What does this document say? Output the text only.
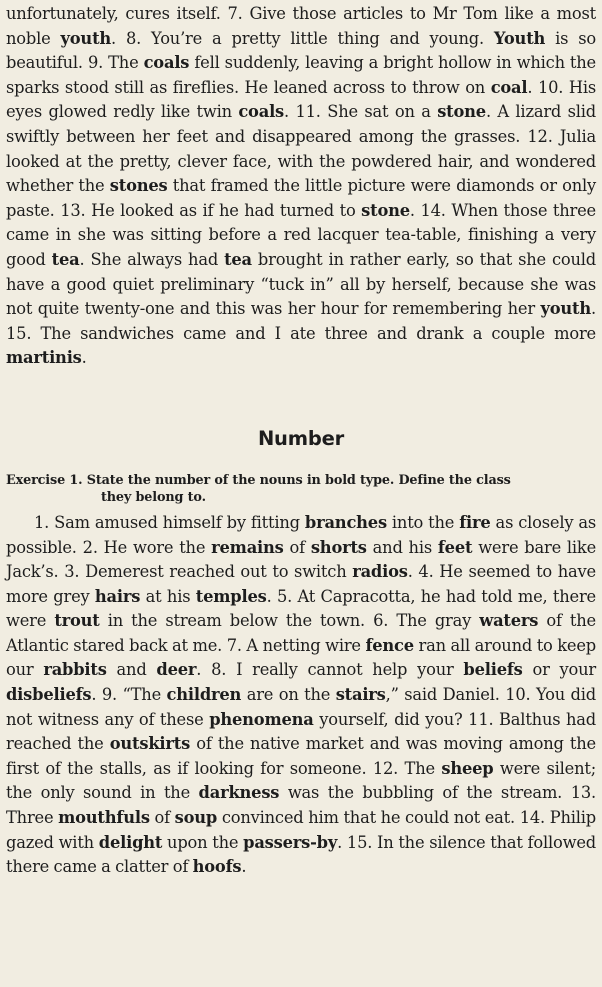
unfortunately, cures itself. 7. Give those articles to Mr Tom like a most noble youth. 8. You’re a pretty little thing and young. Youth is so beautiful. 9. The coals fell suddenly, leaving a bright hollow in which the sparks stood still as fireflies. He leaned across to throw on coal. 10. His eyes glowed redly like twin coals. 11. She sat on a stone. A lizard slid swiftly between her feet and disappeared among the grasses. 12. Julia looked at the pretty, clever face, with the powdered hair, and wondered whether the stones that framed the little picture were diamonds or only paste. 13. He looked as if he had turned to stone. 14. When those three came in she was sitting before a red lacquer tea-table, finishing a very good tea. She always had tea brought in rather early, so that she could have a good quiet preliminary “tuck in” all by herself, because she was not quite twenty-one and this was her hour for remembering her youth. 15. The sandwiches came and I ate three and drank a couple more martinis.

Number
Exercise 1. State the number of the nouns in bold type. Define the class
they belong to.

1. Sam amused himself by fitting branches into the fire as closely as possible. 2. He wore the remains of shorts and his feet were bare like Jack’s. 3. Demerest reached out to switch radios. 4. He seemed to have more grey hairs at his temples. 5. At Capracotta, he had told me, there were trout in the stream below the town. 6. The gray waters of the Atlantic stared back at me. 7. A netting wire fence ran all around to keep our rabbits and deer. 8. I really cannot help your beliefs or your disbeliefs. 9. “The children are on the stairs,” said Daniel. 10. You did not witness any of these phenomena yourself, did you? 11. Balthus had reached the outskirts of the native market and was moving among the first of the stalls, as if looking for someone. 12. The sheep were silent; the only sound in the darkness was the bubbling of the stream. 13. Three mouthfuls of soup convinced him that he could not eat. 14. Philip gazed with delight upon the passers-by. 15. In the silence that followed there came a clatter of hoofs.
